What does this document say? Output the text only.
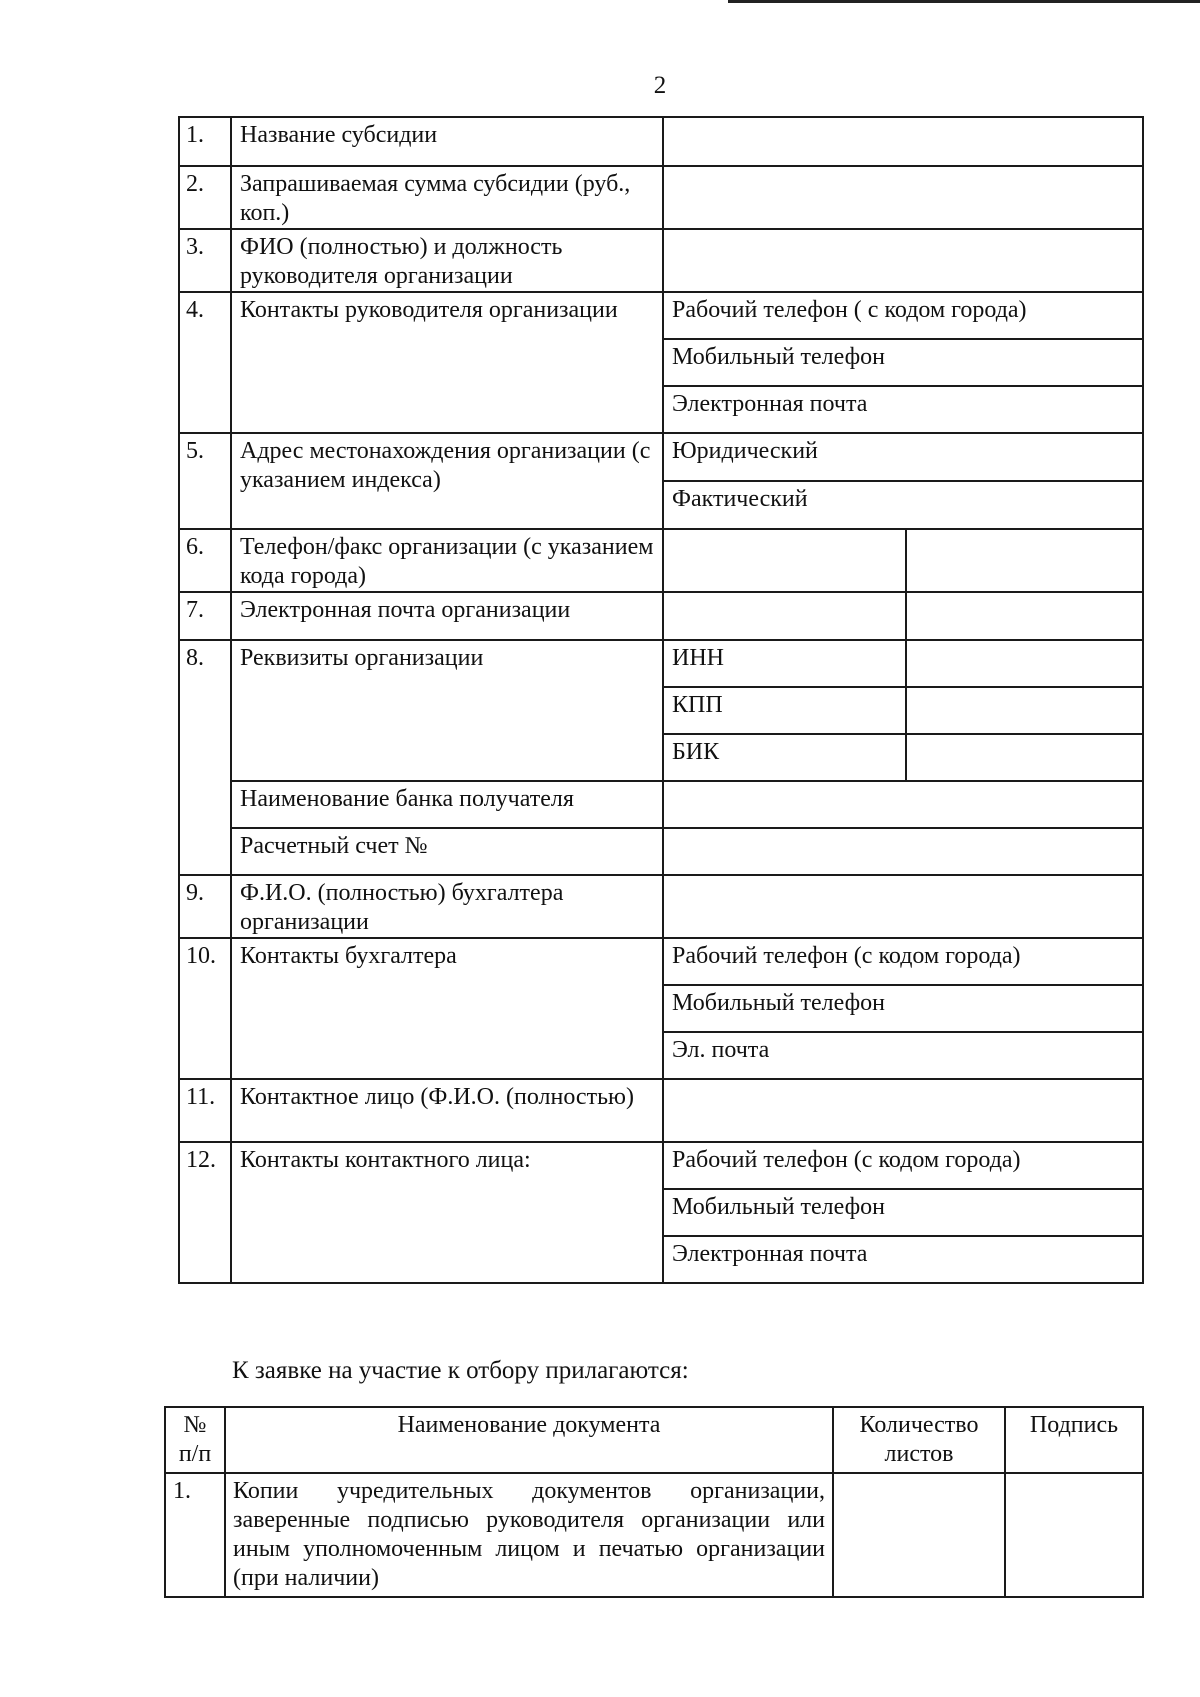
2
1.	Название субсидии		
2.	Запрашиваемая сумма субсидии (руб., коп.)		
3.	ФИО (полностью) и должность руководителя организации		
4.	Контакты руководителя организации	Рабочий телефон ( с кодом города)	
		Мобильный телефон	
		Электронная почта	
5.	Адрес местонахождения организации (с указанием индекса)	Юридический	
		Фактический	
6.	Телефон/факс организации (с указанием кода города)		
7.	Электронная почта организации		
8.	Реквизиты организации	ИНН	
		КПП	
		БИК	
	Наименование банка получателя		
	Расчетный счет №		
9.	Ф.И.О. (полностью) бухгалтера организации		
10.	Контакты бухгалтера	Рабочий телефон (с кодом города)	
		Мобильный телефон	
		Эл. почта	
11.	Контактное лицо (Ф.И.О. (полностью)		
12.	Контакты контактного лица:	Рабочий телефон (с кодом города)	
		Мобильный телефон	
		Электронная почта	
К заявке на участие к отбору прилагаются:
№ п/п	Наименование документа	Количество листов	Подпись
1.	Копии учредительных документов организации, заверенные подписью руководителя организации или иным уполномоченным лицом и печатью организации (при наличии)		
